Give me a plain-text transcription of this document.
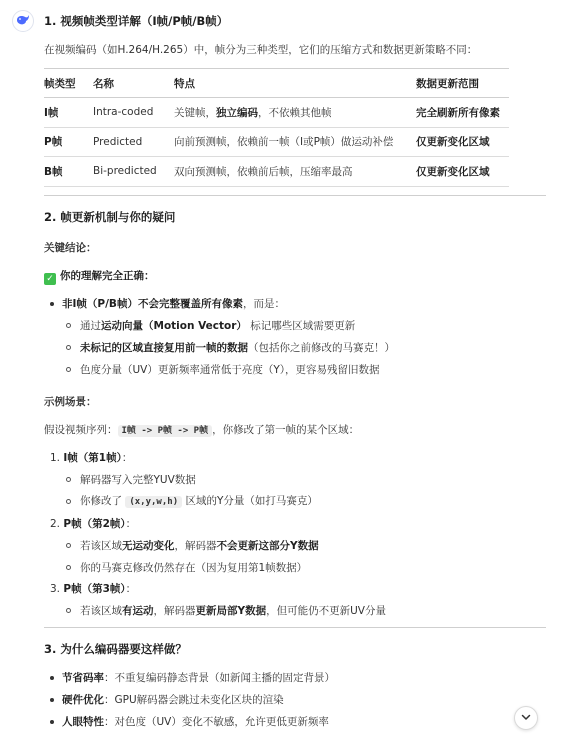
1. 视频帧类型详解（I帧/P帧/B帧）

在视频编码（如H.264/H.265）中，帧分为三种类型，它们的压缩方式和数据更新策略不同：

帧类型	名称	特点	数据更新范围
I帧	Intra-coded	关键帧，独立编码，不依赖其他帧	完全刷新所有像素
P帧	Predicted	向前预测帧，依赖前一帧（I或P帧）做运动补偿	仅更新变化区域
B帧	Bi-predicted	双向预测帧，依赖前后帧，压缩率最高	仅更新变化区域
2. 帧更新机制与你的疑问

关键结论：

✓ 你的理解完全正确：

非I帧（P/B帧）不会完整覆盖所有像素，而是：

通过运动向量（Motion Vector） 标记哪些区域需要更新

未标记的区域直接复用前一帧的数据（包括你之前修改的马赛克！）

色度分量（UV）更新频率通常低于亮度（Y），更容易残留旧数据

示例场景：

假设视频序列： I帧 -> P帧 -> P帧 ，你修改了第一帧的某个区域：

1. I帧（第1帧）：

解码器写入完整YUV数据

你修改了 (x,y,w,h) 区域的Y分量（如打马赛克）

2. P帧（第2帧）：

若该区域无运动变化，解码器不会更新这部分Y数据

你的马赛克修改仍然存在（因为复用第1帧数据）

3. P帧（第3帧）：

若该区域有运动，解码器更新局部Y数据，但可能仍不更新UV分量

3. 为什么编码器要这样做？

节省码率：不重复编码静态背景（如新闻主播的固定背景）

硬件优化：GPU解码器会跳过未变化区块的渲染

人眼特性：对色度（UV）变化不敏感，允许更低更新频率
